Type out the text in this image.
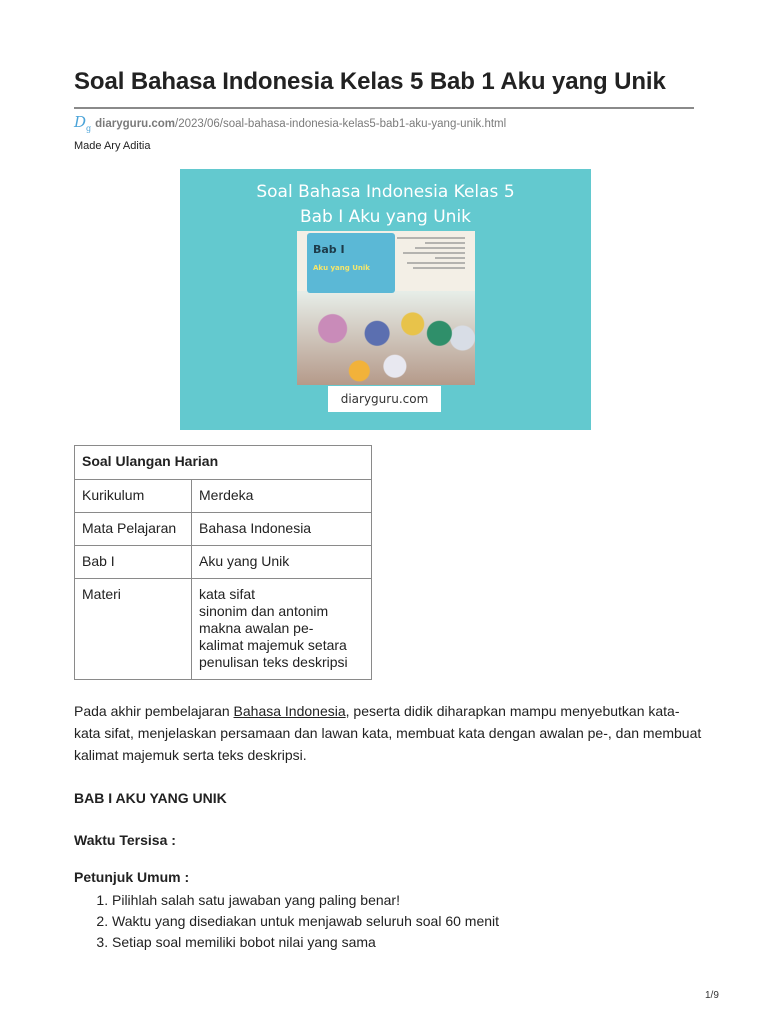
Soal Bahasa Indonesia Kelas 5 Bab 1 Aku yang Unik
$D_g$ diaryguru.com /2023/06/soal-bahasa-indonesia-kelas5-bab1-aku-yang-unik.html
Made Ary Aditia
Soal Bahasa Indonesia Kelas 5
Bab I Aku yang Unik
Bab I
Aku yang Unik
diaryguru.com
Soal Ulangan Harian	
Kurikulum	Merdeka
Mata Pelajaran	Bahasa Indonesia
Bab I	Aku yang Unik
Materi	kata sifat
sinonim dan antonim
makna awalan pe-
kalimat majemuk setara
penulisan teks deskripsi
Pada akhir pembelajaran Bahasa Indonesia, peserta didik diharapkan mampu menyebutkan kata-kata sifat, menjelaskan persamaan dan lawan kata, membuat kata dengan awalan pe-, dan membuat kalimat majemuk serta teks deskripsi.
BAB I AKU YANG UNIK
Waktu Tersisa :
Petunjuk Umum :
1. Pilihlah salah satu jawaban yang paling benar!
2. Waktu yang disediakan untuk menjawab seluruh soal 60 menit
3. Setiap soal memiliki bobot nilai yang sama
1/9
